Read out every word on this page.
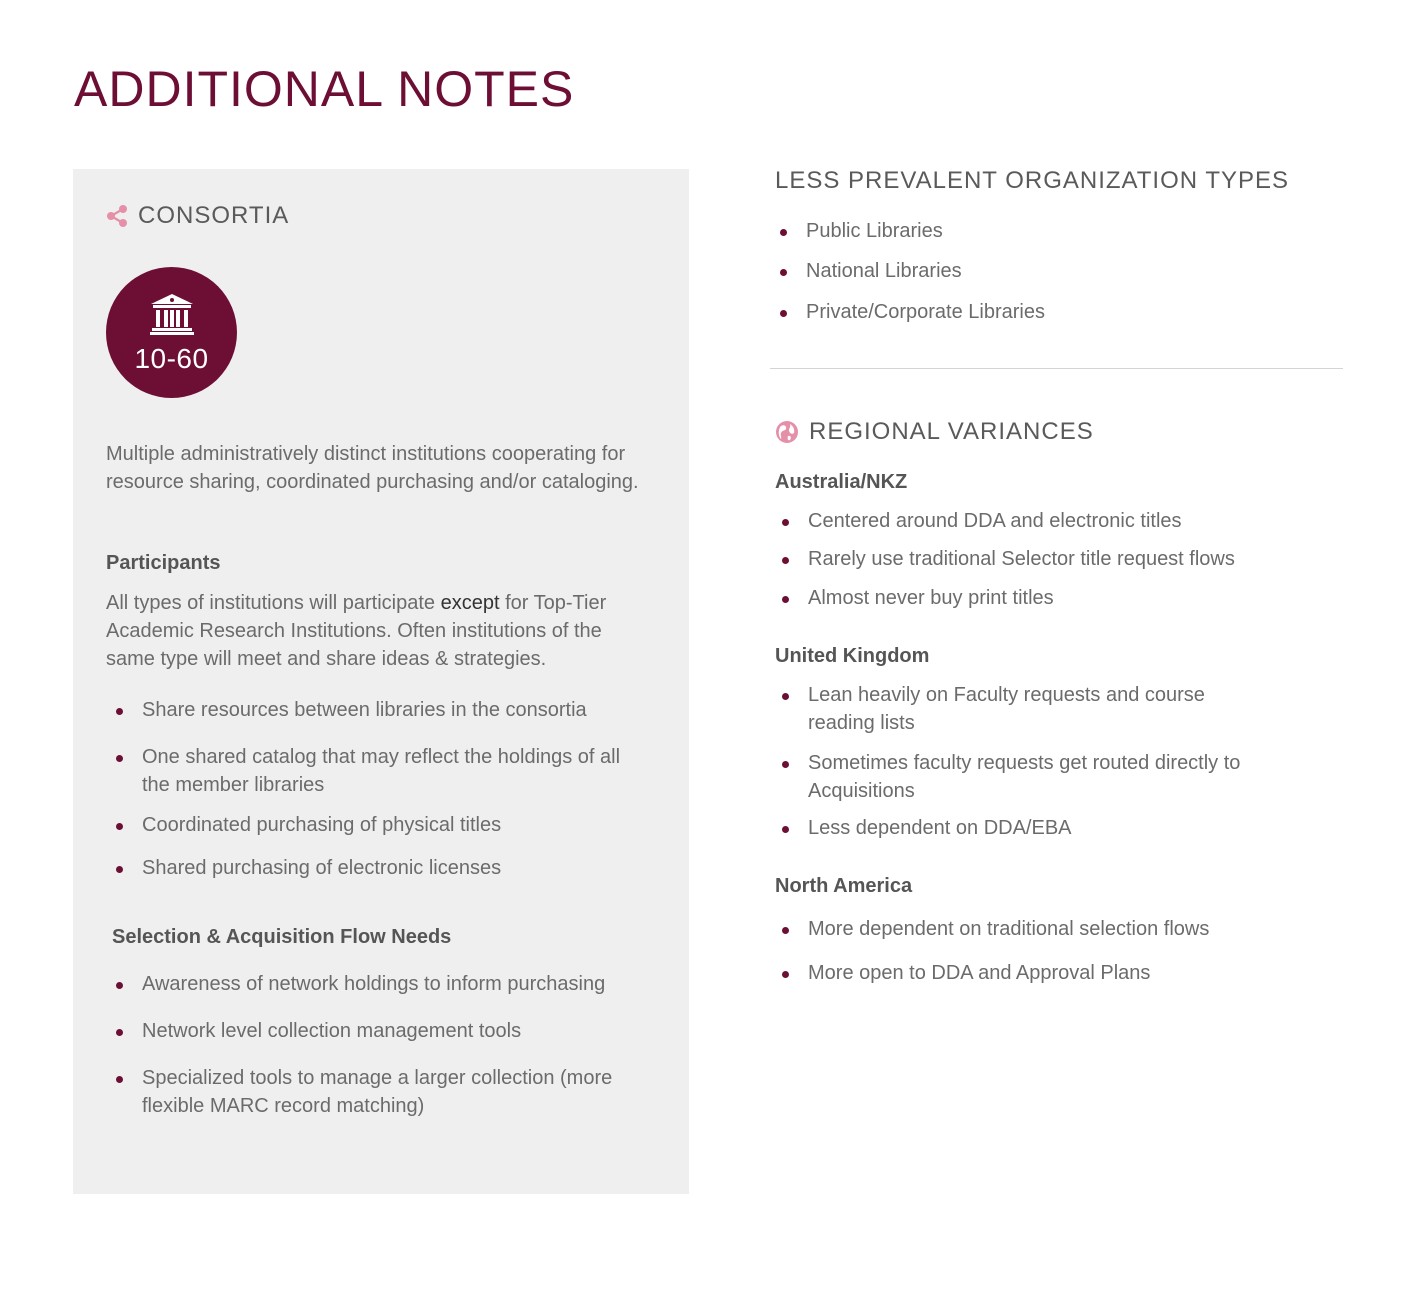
ADDITIONAL NOTES
CONSORTIA
10-60

Multiple administratively distinct institutions cooperating for resource sharing, coordinated purchasing and/or cataloging.

Participants

All types of institutions will participate except for Top-Tier Academic Research Institutions. Often institutions of the same type will meet and share ideas & strategies.

Share resources between libraries in the consortia
One shared catalog that may reflect the holdings of all the member libraries
Coordinated purchasing of physical titles
Shared purchasing of electronic licenses
Selection & Acquisition Flow Needs
Awareness of network holdings to inform purchasing
Network level collection management tools
Specialized tools to manage a larger collection (more flexible MARC record matching)
LESS PREVALENT ORGANIZATION TYPES
Public Libraries
National Libraries
Private/Corporate Libraries
REGIONAL VARIANCES
Australia/NKZ
Centered around DDA and electronic titles
Rarely use traditional Selector title request flows
Almost never buy print titles
United Kingdom
Lean heavily on Faculty requests and course reading lists
Sometimes faculty requests get routed directly to Acquisitions
Less dependent on DDA/EBA
North America
More dependent on traditional selection flows
More open to DDA and Approval Plans
